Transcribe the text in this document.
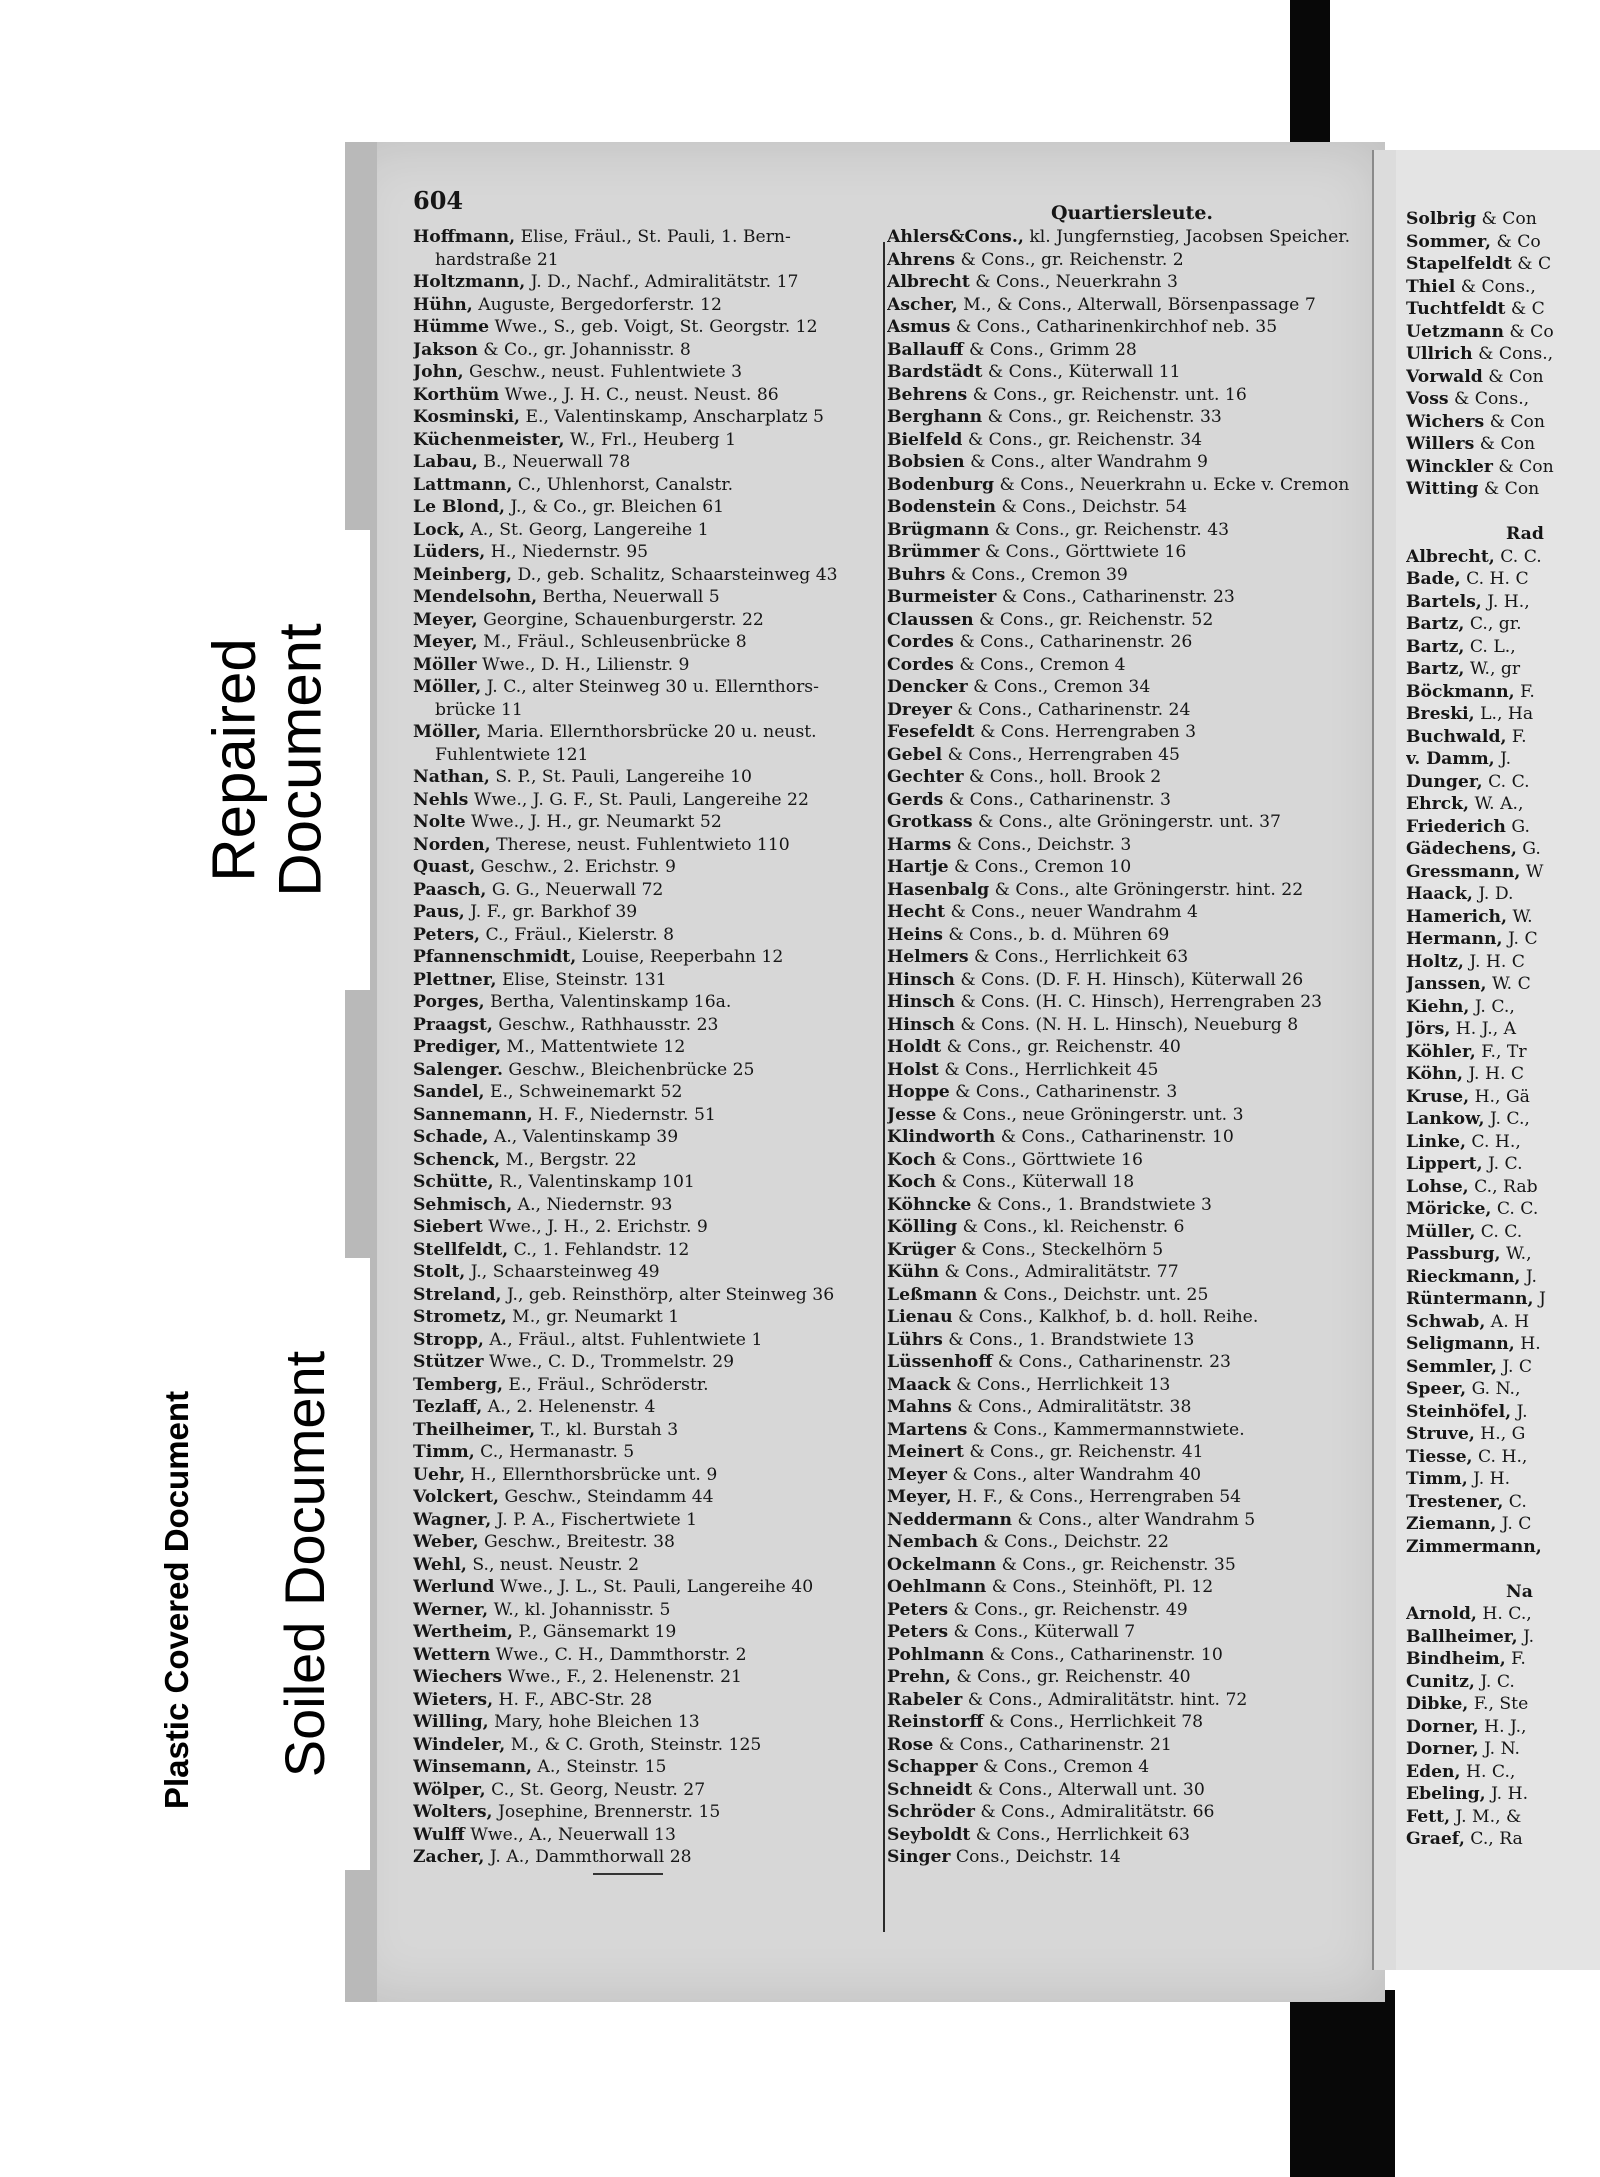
604
Hoffmann, Elise, Fräul., St. Pauli, 1. Bern-
hardstraße 21
Holtzmann, J. D., Nachf., Admiralitätstr. 17
Hühn, Auguste, Bergedorferstr. 12
Hümme Wwe., S., geb. Voigt, St. Georgstr. 12
Jakson & Co., gr. Johannisstr. 8
John, Geschw., neust. Fuhlentwiete 3
Korthüm Wwe., J. H. C., neust. Neust. 86
Kosminski, E., Valentinskamp, Anscharplatz 5
Küchenmeister, W., Frl., Heuberg 1
Labau, B., Neuerwall 78
Lattmann, C., Uhlenhorst, Canalstr.
Le Blond, J., & Co., gr. Bleichen 61
Lock, A., St. Georg, Langereihe 1
Lüders, H., Niedernstr. 95
Meinberg, D., geb. Schalitz, Schaarsteinweg 43
Mendelsohn, Bertha, Neuerwall 5
Meyer, Georgine, Schauenburgerstr. 22
Meyer, M., Fräul., Schleusenbrücke 8
Möller Wwe., D. H., Lilienstr. 9
Möller, J. C., alter Steinweg 30 u. Ellernthors-
brücke 11
Möller, Maria. Ellernthorsbrücke 20 u. neust.
Fuhlentwiete 121
Nathan, S. P., St. Pauli, Langereihe 10
Nehls Wwe., J. G. F., St. Pauli, Langereihe 22
Nolte Wwe., J. H., gr. Neumarkt 52
Norden, Therese, neust. Fuhlentwieto 110
Quast, Geschw., 2. Erichstr. 9
Paasch, G. G., Neuerwall 72
Paus, J. F., gr. Barkhof 39
Peters, C., Fräul., Kielerstr. 8
Pfannenschmidt, Louise, Reeperbahn 12
Plettner, Elise, Steinstr. 131
Porges, Bertha, Valentinskamp 16a.
Praagst, Geschw., Rathhausstr. 23
Prediger, M., Mattentwiete 12
Salenger. Geschw., Bleichenbrücke 25
Sandel, E., Schweinemarkt 52
Sannemann, H. F., Niedernstr. 51
Schade, A., Valentinskamp 39
Schenck, M., Bergstr. 22
Schütte, R., Valentinskamp 101
Sehmisch, A., Niedernstr. 93
Siebert Wwe., J. H., 2. Erichstr. 9
Stellfeldt, C., 1. Fehlandstr. 12
Stolt, J., Schaarsteinweg 49
Streland, J., geb. Reinsthörp, alter Steinweg 36
Strometz, M., gr. Neumarkt 1
Stropp, A., Fräul., altst. Fuhlentwiete 1
Stützer Wwe., C. D., Trommelstr. 29
Temberg, E., Fräul., Schröderstr.
Tezlaff, A., 2. Helenenstr. 4
Theilheimer, T., kl. Burstah 3
Timm, C., Hermanastr. 5
Uehr, H., Ellernthorsbrücke unt. 9
Volckert, Geschw., Steindamm 44
Wagner, J. P. A., Fischertwiete 1
Weber, Geschw., Breitestr. 38
Wehl, S., neust. Neustr. 2
Werlund Wwe., J. L., St. Pauli, Langereihe 40
Werner, W., kl. Johannisstr. 5
Wertheim, P., Gänsemarkt 19
Wettern Wwe., C. H., Dammthorstr. 2
Wiechers Wwe., F., 2. Helenenstr. 21
Wieters, H. F., ABC-Str. 28
Willing, Mary, hohe Bleichen 13
Windeler, M., & C. Groth, Steinstr. 125
Winsemann, A., Steinstr. 15
Wölper, C., St. Georg, Neustr. 27
Wolters, Josephine, Brennerstr. 15
Wulff Wwe., A., Neuerwall 13
Zacher, J. A., Dammthorwall 28
Quartiersleute.
Ahlers&Cons., kl. Jungfernstieg, Jacobsen Speicher.
Ahrens & Cons., gr. Reichenstr. 2
Albrecht & Cons., Neuerkrahn 3
Ascher, M., & Cons., Alterwall, Börsenpassage 7
Asmus & Cons., Catharinenkirchhof neb. 35
Ballauff & Cons., Grimm 28
Bardstädt & Cons., Küterwall 11
Behrens & Cons., gr. Reichenstr. unt. 16
Berghann & Cons., gr. Reichenstr. 33
Bielfeld & Cons., gr. Reichenstr. 34
Bobsien & Cons., alter Wandrahm 9
Bodenburg & Cons., Neuerkrahn u. Ecke v. Cremon
Bodenstein & Cons., Deichstr. 54
Brügmann & Cons., gr. Reichenstr. 43
Brümmer & Cons., Görttwiete 16
Buhrs & Cons., Cremon 39
Burmeister & Cons., Catharinenstr. 23
Claussen & Cons., gr. Reichenstr. 52
Cordes & Cons., Catharinenstr. 26
Cordes & Cons., Cremon 4
Dencker & Cons., Cremon 34
Dreyer & Cons., Catharinenstr. 24
Fesefeldt & Cons. Herrengraben 3
Gebel & Cons., Herrengraben 45
Gechter & Cons., holl. Brook 2
Gerds & Cons., Catharinenstr. 3
Grotkass & Cons., alte Gröningerstr. unt. 37
Harms & Cons., Deichstr. 3
Hartje & Cons., Cremon 10
Hasenbalg & Cons., alte Gröningerstr. hint. 22
Hecht & Cons., neuer Wandrahm 4
Heins & Cons., b. d. Mühren 69
Helmers & Cons., Herrlichkeit 63
Hinsch & Cons. (D. F. H. Hinsch), Küterwall 26
Hinsch & Cons. (H. C. Hinsch), Herrengraben 23
Hinsch & Cons. (N. H. L. Hinsch), Neueburg 8
Holdt & Cons., gr. Reichenstr. 40
Holst & Cons., Herrlichkeit 45
Hoppe & Cons., Catharinenstr. 3
Jesse & Cons., neue Gröningerstr. unt. 3
Klindworth & Cons., Catharinenstr. 10
Koch & Cons., Görttwiete 16
Koch & Cons., Küterwall 18
Köhncke & Cons., 1. Brandstwiete 3
Kölling & Cons., kl. Reichenstr. 6
Krüger & Cons., Steckelhörn 5
Kühn & Cons., Admiralitätstr. 77
Leßmann & Cons., Deichstr. unt. 25
Lienau & Cons., Kalkhof, b. d. holl. Reihe.
Lührs & Cons., 1. Brandstwiete 13
Lüssenhoff & Cons., Catharinenstr. 23
Maack & Cons., Herrlichkeit 13
Mahns & Cons., Admiralitätstr. 38
Martens & Cons., Kammermannstwiete.
Meinert & Cons., gr. Reichenstr. 41
Meyer & Cons., alter Wandrahm 40
Meyer, H. F., & Cons., Herrengraben 54
Neddermann & Cons., alter Wandrahm 5
Nembach & Cons., Deichstr. 22
Ockelmann & Cons., gr. Reichenstr. 35
Oehlmann & Cons., Steinhöft, Pl. 12
Peters & Cons., gr. Reichenstr. 49
Peters & Cons., Küterwall 7
Pohlmann & Cons., Catharinenstr. 10
Prehn, & Cons., gr. Reichenstr. 40
Rabeler & Cons., Admiralitätstr. hint. 72
Reinstorff & Cons., Herrlichkeit 78
Rose & Cons., Catharinenstr. 21
Schapper & Cons., Cremon 4
Schneidt & Cons., Alterwall unt. 30
Schröder & Cons., Admiralitätstr. 66
Seyboldt & Cons., Herrlichkeit 63
Singer Cons., Deichstr. 14
Solbrig & Con
Sommer, & Co
Stapelfeldt & C
Thiel & Cons.,
Tuchtfeldt & C
Uetzmann & Co
Ullrich & Cons.,
Vorwald & Con
Voss & Cons.,
Wichers & Con
Willers & Con
Winckler & Con
Witting & Con
Rad
Albrecht, C. C.
Bade, C. H. C
Bartels, J. H.,
Bartz, C., gr.
Bartz, C. L.,
Bartz, W., gr
Böckmann, F.
Breski, L., Ha
Buchwald, F.
v. Damm, J.
Dunger, C. C.
Ehrck, W. A.,
Friederich G.
Gädechens, G.
Gressmann, W
Haack, J. D.
Hamerich, W.
Hermann, J. C
Holtz, J. H. C
Janssen, W. C
Kiehn, J. C.,
Jörs, H. J., A
Köhler, F., Tr
Köhn, J. H. C
Kruse, H., Gä
Lankow, J. C.,
Linke, C. H.,
Lippert, J. C.
Lohse, C., Rab
Möricke, C. C.
Müller, C. C.
Passburg, W.,
Rieckmann, J.
Rüntermann, J
Schwab, A. H
Seligmann, H.
Semmler, J. C
Speer, G. N.,
Steinhöfel, J.
Struve, H., G
Tiesse, C. H.,
Timm, J. H.
Trestener, C.
Ziemann, J. C
Zimmermann,
Na
Arnold, H. C.,
Ballheimer, J.
Bindheim, F.
Cunitz, J. C.
Dibke, F., Ste
Dorner, H. J.,
Dorner, J. N.
Eden, H. C.,
Ebeling, J. H.
Fett, J. M., &
Graef, C., Ra
Repaired Document
Soiled Document
Plastic Covered Document
